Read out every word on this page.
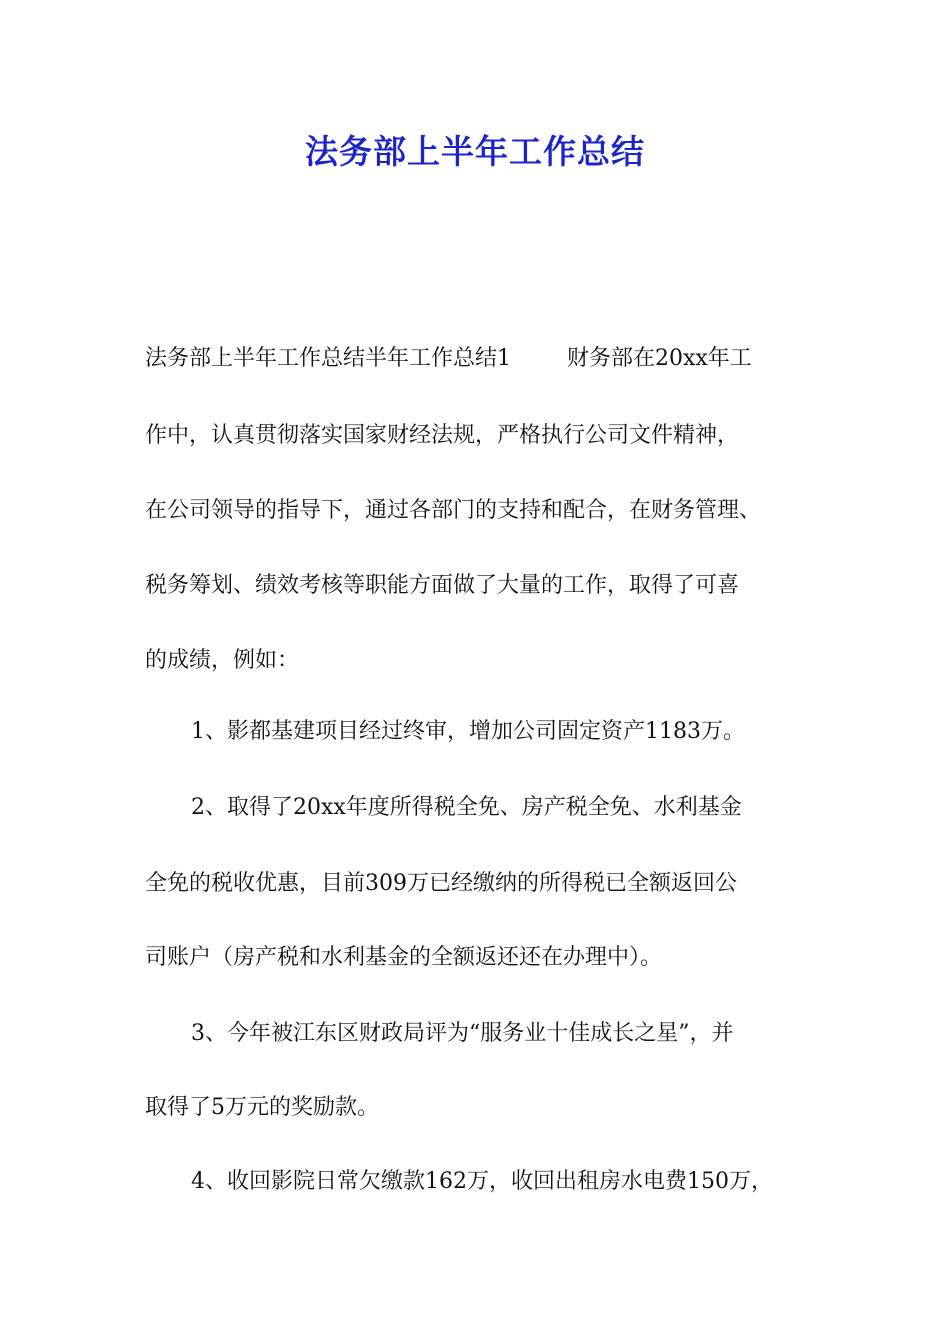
法务部上半年工作总结
法务部上半年工作总结半年工作总结1	财务部在20xx年工
作中，认真贯彻落实国家财经法规，严格执行公司文件精神，
在公司领导的指导下，通过各部门的支持和配合，在财务管理、
税务筹划、绩效考核等职能方面做了大量的工作，取得了可喜
的成绩，例如：
1、影都基建项目经过终审，增加公司固定资产1183万。
2、取得了20xx年度所得税全免、房产税全免、水利基金
全免的税收优惠，目前309万已经缴纳的所得税已全额返回公
司账户（房产税和水利基金的全额返还还在办理中）。
3、今年被江东区财政局评为“服务业十佳成长之星”，并
取得了5万元的奖励款。
4、收回影院日常欠缴款162万，收回出租房水电费150万，
